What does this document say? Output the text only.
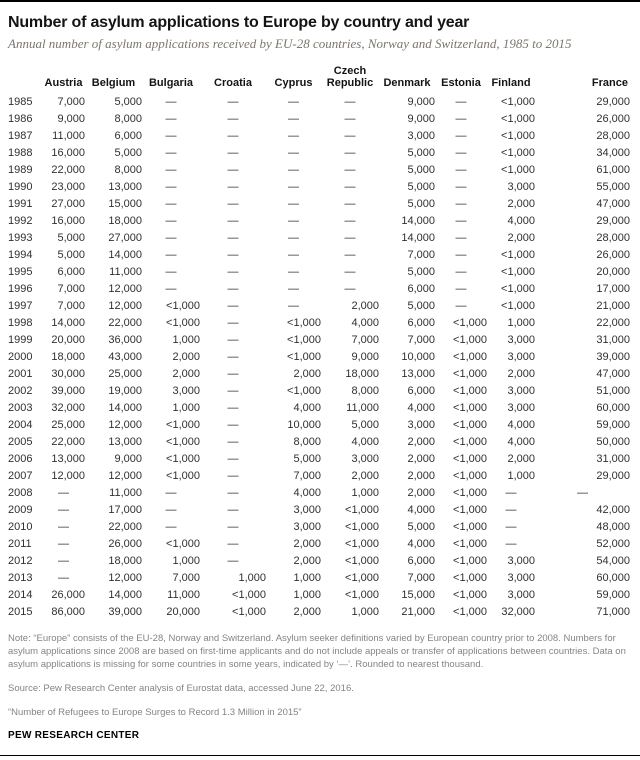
Number of asylum applications to Europe by country and year

Annual number of asylum applications received by EU-28 countries, Norway and Switzerland, 1985 to 2015

	Austria	Belgium	Bulgaria	Croatia	Cyprus	Czech Republic	Denmark	Estonia	Finland	France
1985	7,000	5,000	—	—	—	—	9,000	—	<1,000	29,000
1986	9,000	8,000	—	—	—	—	9,000	—	<1,000	26,000
1987	11,000	6,000	—	—	—	—	3,000	—	<1,000	28,000
1988	16,000	5,000	—	—	—	—	5,000	—	<1,000	34,000
1989	22,000	8,000	—	—	—	—	5,000	—	<1,000	61,000
1990	23,000	13,000	—	—	—	—	5,000	—	3,000	55,000
1991	27,000	15,000	—	—	—	—	5,000	—	2,000	47,000
1992	16,000	18,000	—	—	—	—	14,000	—	4,000	29,000
1993	5,000	27,000	—	—	—	—	14,000	—	2,000	28,000
1994	5,000	14,000	—	—	—	—	7,000	—	<1,000	26,000
1995	6,000	11,000	—	—	—	—	5,000	—	<1,000	20,000
1996	7,000	12,000	—	—	—	—	6,000	—	<1,000	17,000
1997	7,000	12,000	<1,000	—	—	2,000	5,000	—	<1,000	21,000
1998	14,000	22,000	<1,000	—	<1,000	4,000	6,000	<1,000	1,000	22,000
1999	20,000	36,000	1,000	—	<1,000	7,000	7,000	<1,000	3,000	31,000
2000	18,000	43,000	2,000	—	<1,000	9,000	10,000	<1,000	3,000	39,000
2001	30,000	25,000	2,000	—	2,000	18,000	13,000	<1,000	2,000	47,000
2002	39,000	19,000	3,000	—	<1,000	8,000	6,000	<1,000	3,000	51,000
2003	32,000	14,000	1,000	—	4,000	11,000	4,000	<1,000	3,000	60,000
2004	25,000	12,000	<1,000	—	10,000	5,000	3,000	<1,000	4,000	59,000
2005	22,000	13,000	<1,000	—	8,000	4,000	2,000	<1,000	4,000	50,000
2006	13,000	9,000	<1,000	—	5,000	3,000	2,000	<1,000	2,000	31,000
2007	12,000	12,000	<1,000	—	7,000	2,000	2,000	<1,000	1,000	29,000
2008	—	11,000	—	—	4,000	1,000	2,000	<1,000	—	—
2009	—	17,000	—	—	3,000	<1,000	4,000	<1,000	—	42,000
2010	—	22,000	—	—	3,000	<1,000	5,000	<1,000	—	48,000
2011	—	26,000	<1,000	—	2,000	<1,000	4,000	<1,000	—	52,000
2012	—	18,000	1,000	—	2,000	<1,000	6,000	<1,000	3,000	54,000
2013	—	12,000	7,000	1,000	1,000	<1,000	7,000	<1,000	3,000	60,000
2014	26,000	14,000	11,000	<1,000	1,000	<1,000	15,000	<1,000	3,000	59,000
2015	86,000	39,000	20,000	<1,000	2,000	1,000	21,000	<1,000	32,000	71,000

Note: “Europe” consists of the EU-28, Norway and Switzerland. Asylum seeker definitions varied by European country prior to 2008. Numbers for asylum applications since 2008 are based on first-time applicants and do not include appeals or transfer of applications between countries. Data on asylum applications is missing for some countries in some years, indicated by ‘—’. Rounded to nearest thousand.

Source: Pew Research Center analysis of Eurostat data, accessed June 22, 2016.

“Number of Refugees to Europe Surges to Record 1.3 Million in 2015”

PEW RESEARCH CENTER
